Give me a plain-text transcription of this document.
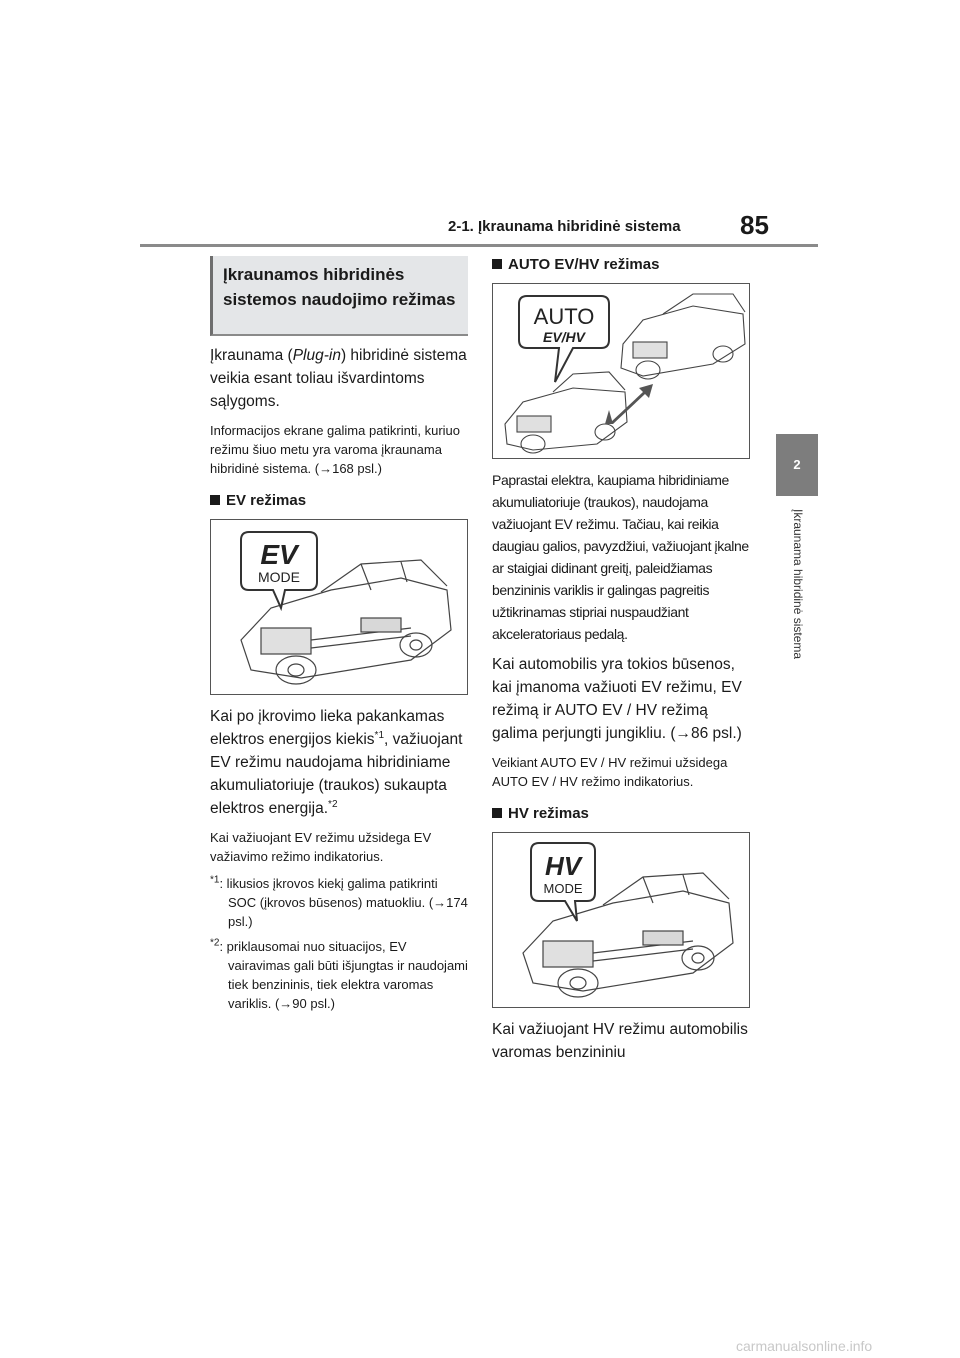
2-1. Įkraunama hibridinė sistema 85
2
Įkraunama hibridinė sistema
Įkraunamos hibridinės sistemos naudojimo režimas

Įkraunama (Plug-in) hibridinė sistema veikia esant toliau išvardintoms sąlygoms.

Informacijos ekrane galima patikrinti, kuriuo režimu šiuo metu yra varoma įkraunama hibridinė sistema. (→168 psl.)

EV režimas
EV
MODE

Kai po įkrovimo lieka pakankamas elektros energijos kiekis$^{*1}$, važiuojant EV režimu naudojama hibridiniame akumuliatoriuje (traukos) sukaupta elektros energija.$^{*2}$

Kai važiuojant EV režimu užsidega EV važiavimo režimo indikatorius.

$^{*1}$: likusios įkrovos kiekį galima patikrinti SOC (įkrovos būsenos) matuokliu. (→174 psl.)

$^{*2}$: priklausomai nuo situacijos, EV vairavimas gali būti išjungtas ir naudojami tiek benzininis, tiek elektra varomas variklis. (→90 psl.)

AUTO EV/HV režimas
AUTO
EV/HV

Paprastai elektra, kaupiama hibridiniame akumuliatoriuje (traukos), naudojama važiuojant EV režimu. Tačiau, kai reikia daugiau galios, pavyzdžiui, važiuojant įkalne ar staigiai didinant greitį, paleidžiamas benzininis variklis ir galingas pagreitis užtikrinamas stipriai nuspaudžiant akceleratoriaus pedalą.

Kai automobilis yra tokios būsenos, kai įmanoma važiuoti EV režimu, EV režimą ir AUTO EV / HV režimą galima perjungti jungikliu. (→86 psl.)

Veikiant AUTO EV / HV režimui užsidega AUTO EV / HV režimo indikatorius.

HV režimas
HV
MODE

Kai važiuojant HV režimu automobilis varomas benzininiu

carmanualsonline.info
